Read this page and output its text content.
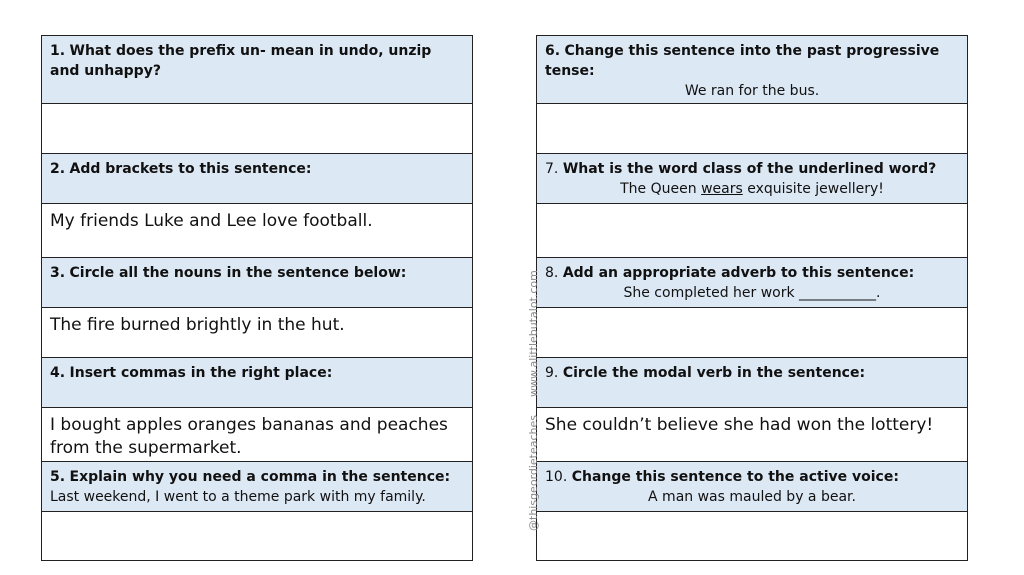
1. What does the prefix un- mean in undo, unzip and unhappy?
2. Add brackets to this sentence:
My friends Luke and Lee love football.
3. Circle all the nouns in the sentence below:
The fire burned brightly in the hut.
4. Insert commas in the right place:
I bought apples oranges bananas and peaches from the supermarket.
5. Explain why you need a comma in the sentence:
Last weekend, I went to a theme park with my family.
6. Change this sentence into the past progressive tense:
We ran for the bus.
7. What is the word class of the underlined word?
The Queen wears exquisite jewellery!
8. Add an appropriate adverb to this sentence:
She completed her work ___________.
9. Circle the modal verb in the sentence:
She couldn’t believe she had won the lottery!
10. Change this sentence to the active voice:
A man was mauled by a bear.
www.alittlebutalot.com
@thisgeordieteaches
